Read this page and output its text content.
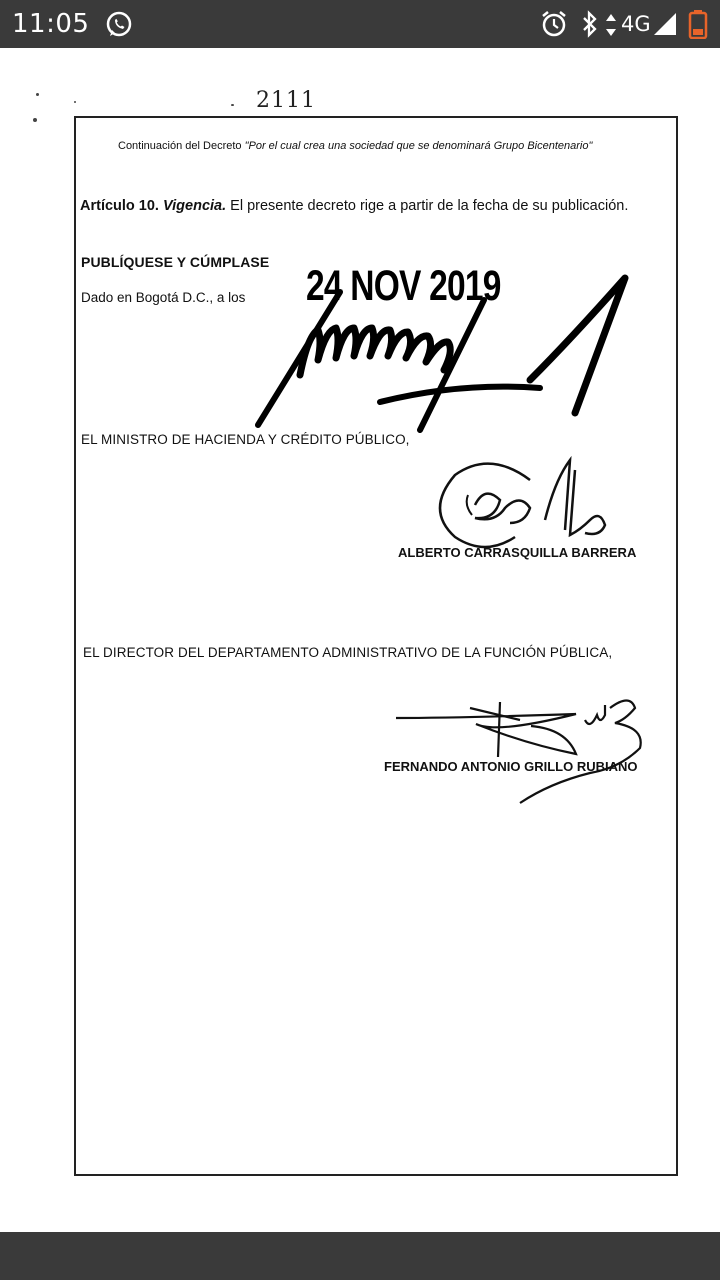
11:05	4G
2111
Continuación del Decreto "Por el cual crea una sociedad que se denominará Grupo Bicentenario"
Artículo 10. Vigencia. El presente decreto rige a partir de la fecha de su publicación.
PUBLÍQUESE Y CÚMPLASE
Dado en Bogotá D.C., a los 24 NOV 2019
EL MINISTRO DE HACIENDA Y CRÉDITO PÚBLICO,
ALBERTO CARRASQUILLA BARRERA
EL DIRECTOR DEL DEPARTAMENTO ADMINISTRATIVO DE LA FUNCIÓN PÚBLICA,
FERNANDO ANTONIO GRILLO RUBIANO
